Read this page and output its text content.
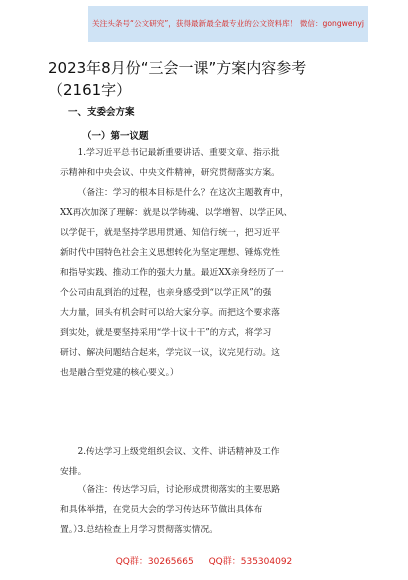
关注头条号“公文研究”，获得最新最全最专业的公文资料库！ 微信：gongwenyj
2023年8月份“三会一课”方案内容参考
（2161字）
一、支委会方案
（一）第一议题
1.学习近平总书记最新重要讲话、重要文章、指示批
示精神和中央会议、中央文件精神，研究贯彻落实方案。
（备注：学习的根本目标是什么？在这次主题教育中，
XX再次加深了理解：就是以学铸魂、以学增智、以学正风、
以学促干，就是坚持学思用贯通、知信行统一，把习近平
新时代中国特色社会主义思想转化为坚定理想、锤炼党性
和指导实践、推动工作的强大力量。最近XX亲身经历了一
个公司由乱到治的过程，也亲身感受到“以学正风”的强
大力量，回头有机会时可以给大家分享。而把这个要求落
到实处，就是要坚持采用“学十议十干”的方式，将学习
研讨、解决问题结合起来，学完议一议，议完见行动。这
也是融合型党建的核心要义。）
2.传达学习上级党组织会议、文件、讲话精神及工作
安排。
（备注：传达学习后，讨论形成贯彻落实的主要思路
和具体举措，在党员大会的学习传达环节做出具体布
置。）
3.总结检查上月学习贯彻落实情况。
QQ群：30265665 QQ群：535304092
